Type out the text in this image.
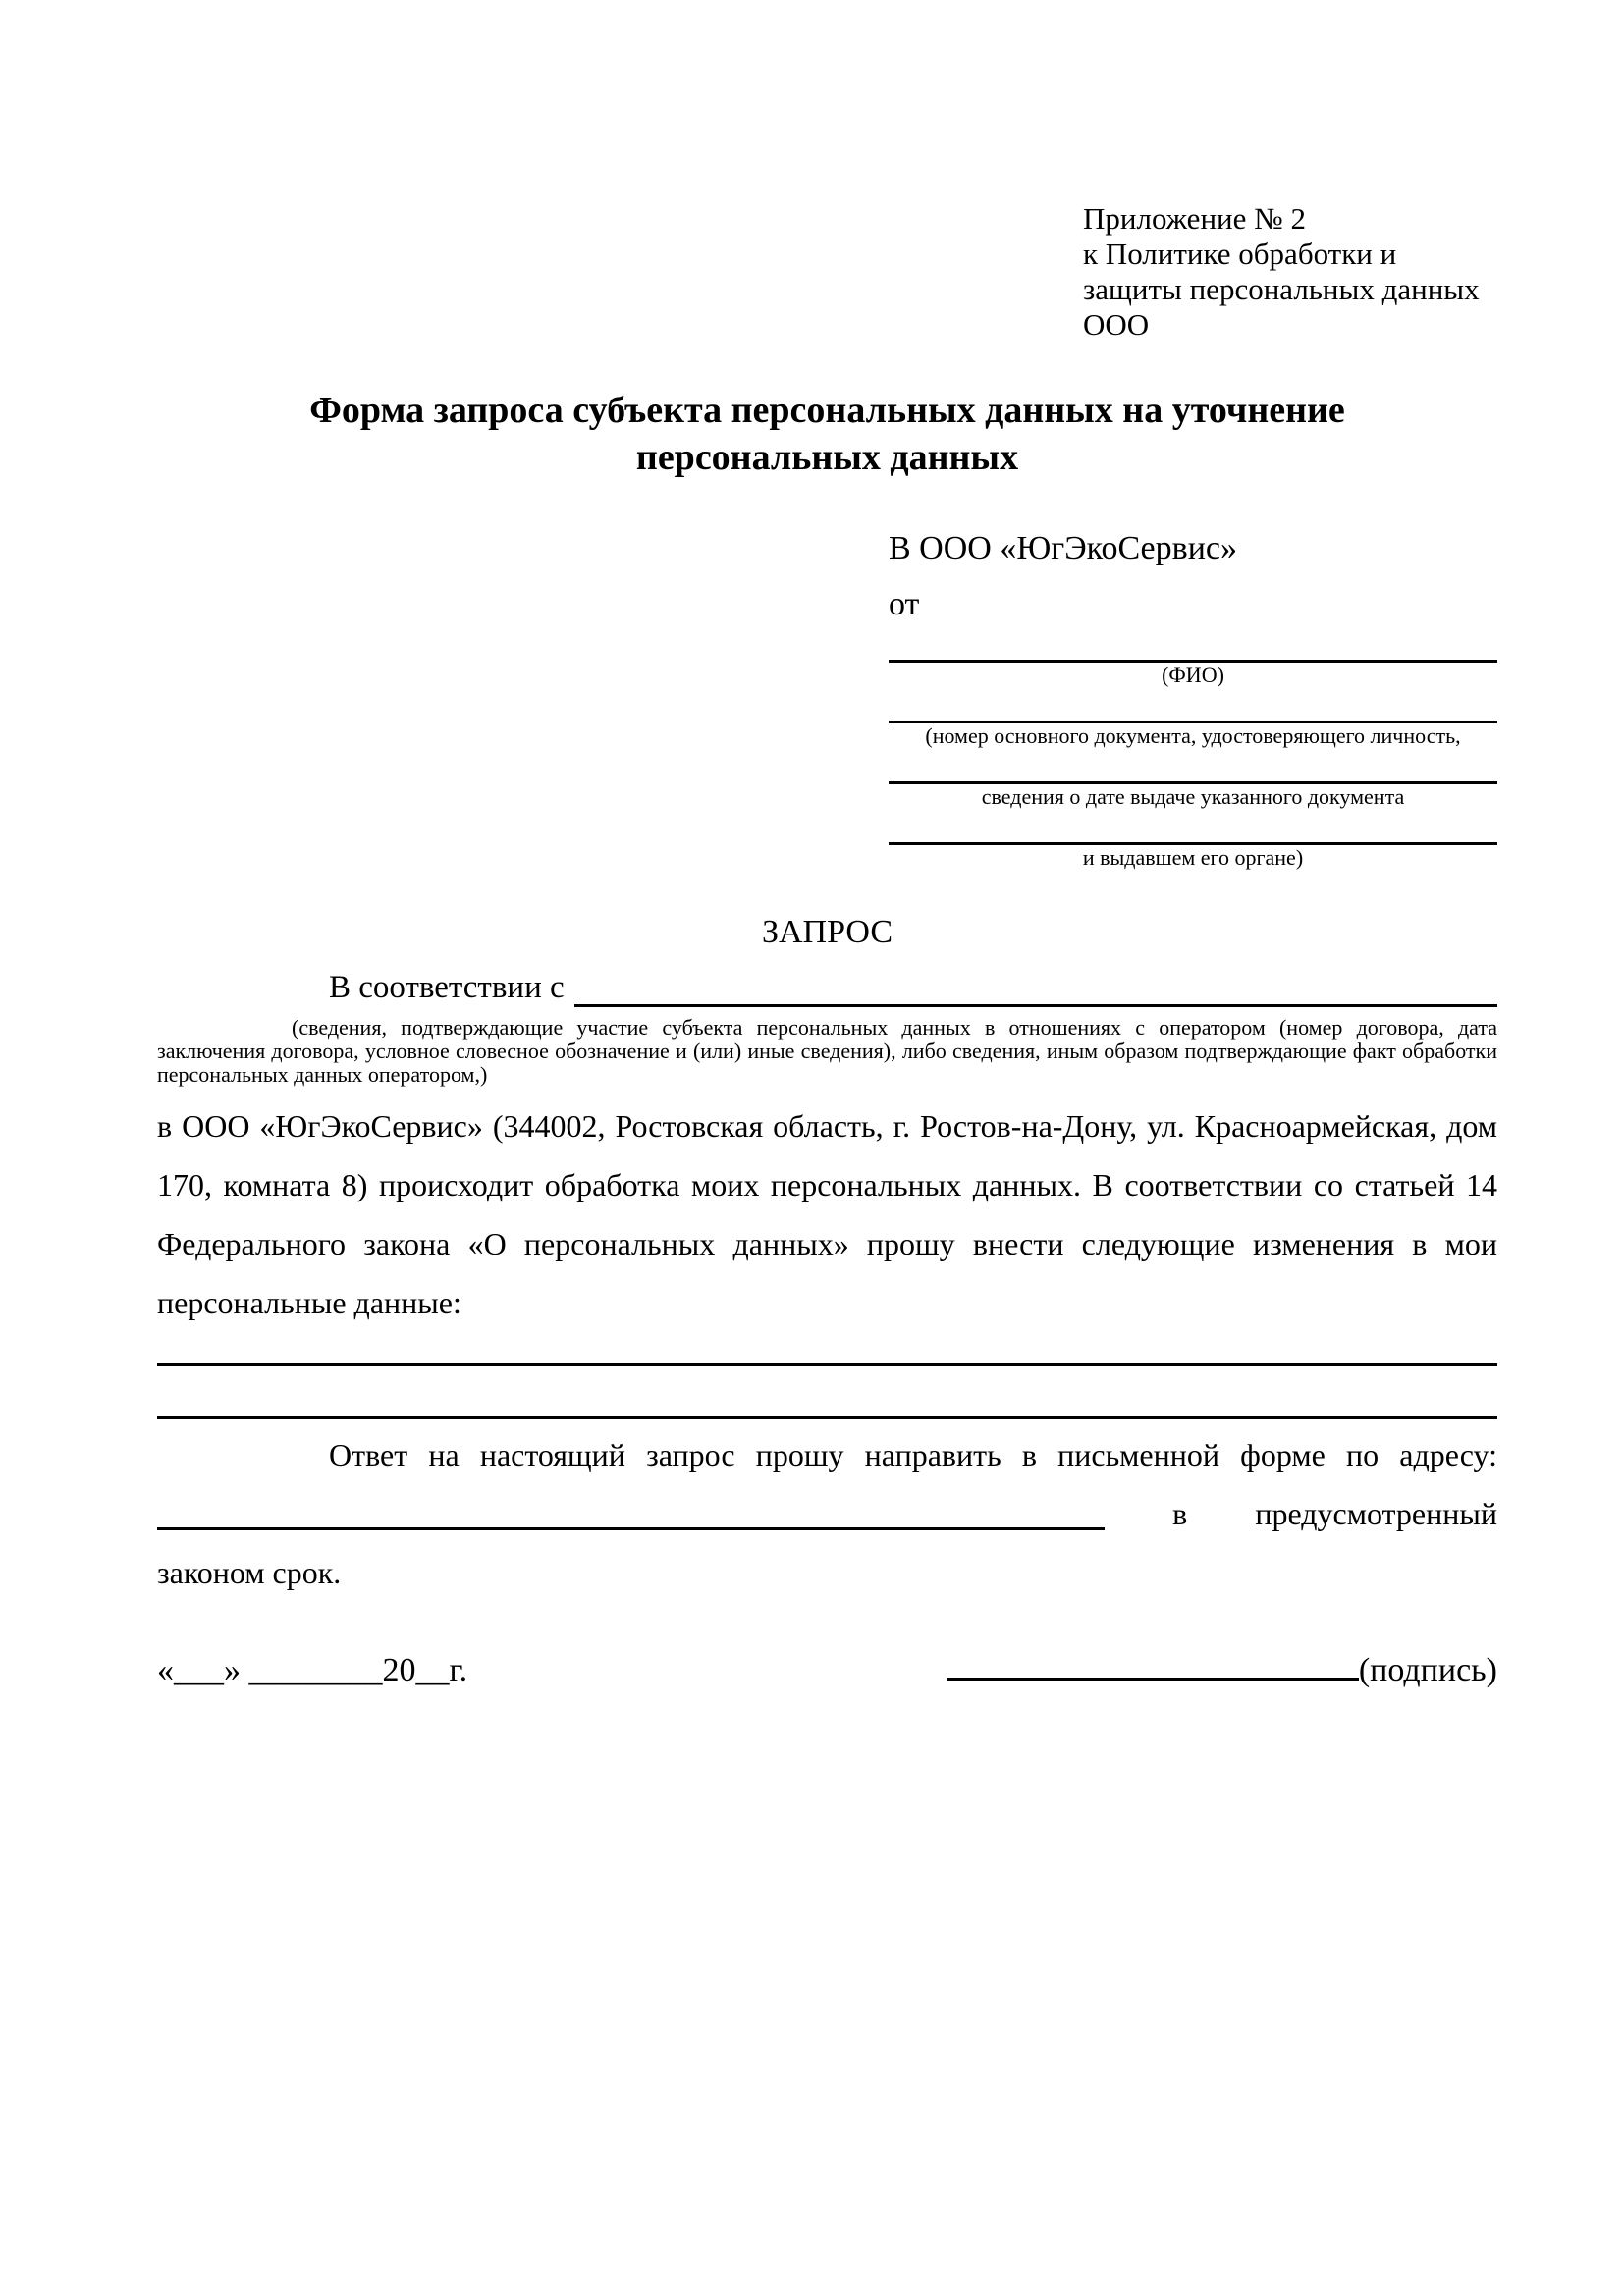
Приложение № 2
к Политике обработки и
защиты персональных данных
ООО
Форма запроса субъекта персональных данных на уточнение персональных данных
В ООО «ЮгЭкоСервис»
от
(ФИО)
(номер основного документа, удостоверяющего личность,
сведения о дате выдаче указанного документа
и выдавшем его органе)
ЗАПРОС
В соответствии с
(сведения, подтверждающие участие субъекта персональных данных в отношениях с оператором (номер договора, дата заключения договора, условное словесное обозначение и (или) иные сведения), либо сведения, иным образом подтверждающие факт обработки персональных данных оператором,)

в ООО «ЮгЭкоСервис» (344002, Ростовская область, г. Ростов-на-Дону, ул. Красноармейская, дом 170, комната 8) происходит обработка моих персональных данных. В соответствии со статьей 14 Федерального закона «О персональных данных» прошу внести следующие изменения в мои персональные данные:

Ответ на настоящий запрос прошу направить в письменной форме по адресу:
в предусмотренный
законом срок.
«___» ________20__г.	(подпись)
